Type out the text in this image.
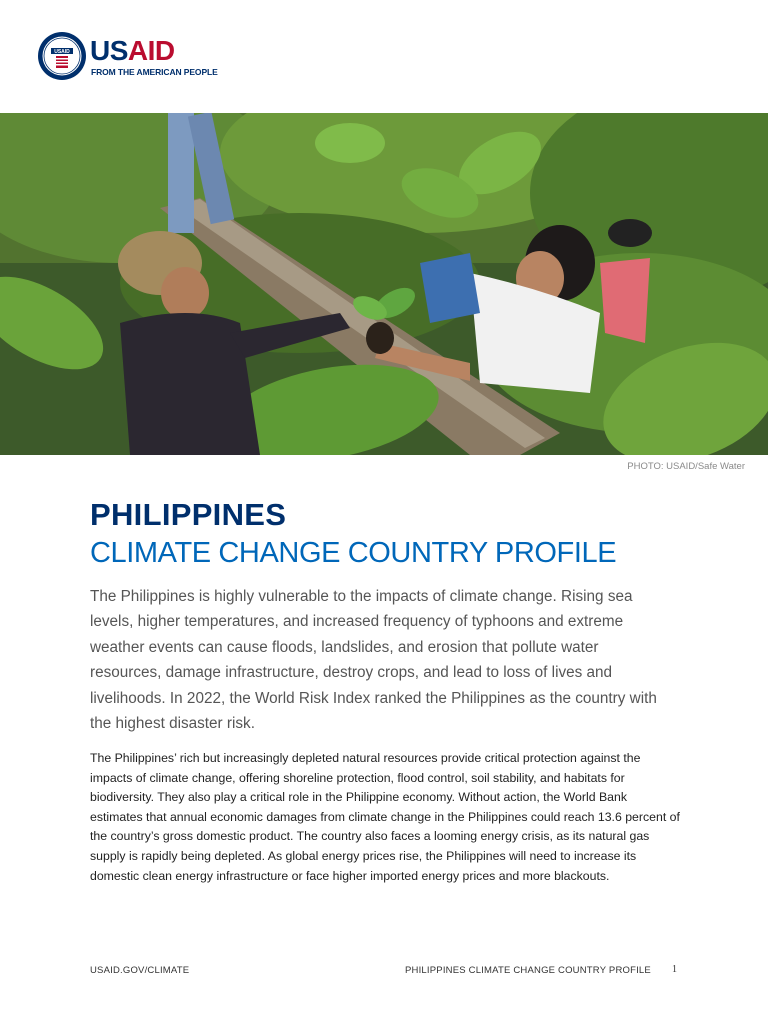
USAID USAID
FROM THE AMERICAN PEOPLE
PHOTO: USAID/Safe Water
PHILIPPINES
CLIMATE CHANGE COUNTRY PROFILE
The Philippines is highly vulnerable to the impacts of climate change. Rising sea levels, higher temperatures, and increased frequency of typhoons and extreme weather events can cause floods, landslides, and erosion that pollute water resources, damage infrastructure, destroy crops, and lead to loss of lives and livelihoods. In 2022, the World Risk Index ranked the Philippines as the country with the highest disaster risk.
The Philippines’ rich but increasingly depleted natural resources provide critical protection against the impacts of climate change, offering shoreline protection, flood control, soil stability, and habitats for biodiversity. They also play a critical role in the Philippine economy. Without action, the World Bank estimates that annual economic damages from climate change in the Philippines could reach 13.6 percent of the country’s gross domestic product. The country also faces a looming energy crisis, as its natural gas supply is rapidly being depleted. As global energy prices rise, the Philippines will need to increase its domestic clean energy infrastructure or face higher imported energy prices and more blackouts.
USAID.GOV/CLIMATE	PHILIPPINES CLIMATE CHANGE COUNTRY PROFILE 1
